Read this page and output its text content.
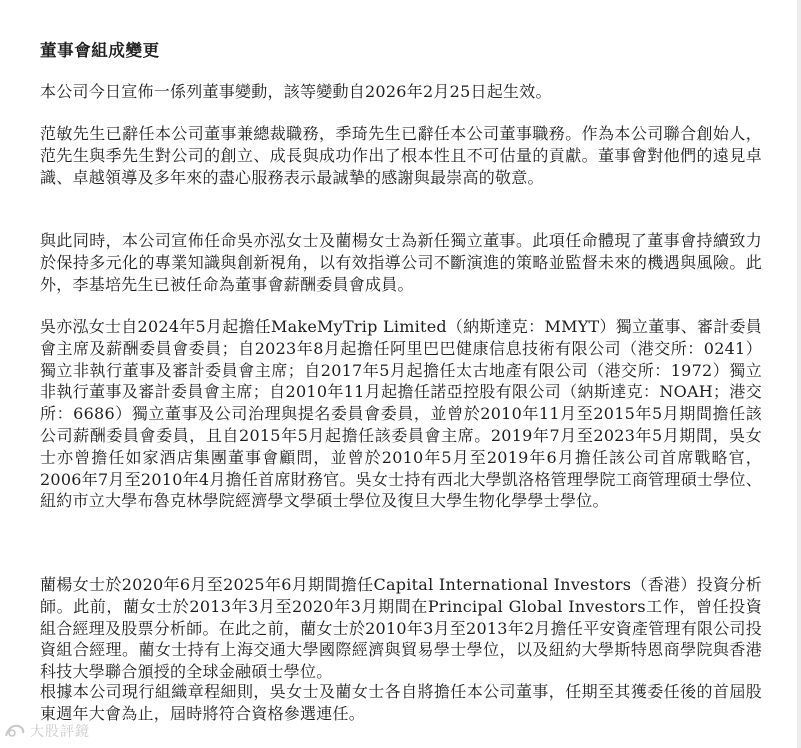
董事會組成變更

本公司今日宣佈一係列董事變動，該等變動自2026年2月25日起生效。

范敏先生已辭任本公司董事兼總裁職務，季琦先生已辭任本公司董事職務。作為本公司聯合創始人，范先生與季先生對公司的創立、成長與成功作出了根本性且不可估量的貢獻。董事會對他們的遠見卓識、卓越領導及多年來的盡心服務表示最誠摯的感謝與最崇高的敬意。

與此同時，本公司宣佈任命吳亦泓女士及藺楊女士為新任獨立董事。此項任命體現了董事會持續致力於保持多元化的專業知識與創新視角，以有效指導公司不斷演進的策略並監督未來的機遇與風險。此外，李基培先生已被任命為董事會薪酬委員會成員。

吳亦泓女士自2024年5月起擔任MakeMyTrip Limited（納斯達克：MMYT）獨立董事、審計委員會主席及薪酬委員會委員；自2023年8月起擔任阿里巴巴健康信息技術有限公司（港交所：0241）獨立非執行董事及審計委員會主席；自2017年5月起擔任太古地產有限公司（港交所：1972）獨立非執行董事及審計委員會主席；自2010年11月起擔任諾亞控股有限公司（納斯達克：NOAH；港交所：6686）獨立董事及公司治理與提名委員會委員，並曾於2010年11月至2015年5月期間擔任該公司薪酬委員會委員，且自2015年5月起擔任該委員會主席。2019年7月至2023年5月期間，吳女士亦曾擔任如家酒店集團董事會顧問，並曾於2010年5月至2019年6月擔任該公司首席戰略官，2006年7月至2010年4月擔任首席財務官。吳女士持有西北大學凱洛格管理學院工商管理碩士學位、紐約市立大學布魯克林學院經濟學文學碩士學位及復旦大學生物化學學士學位。

藺楊女士於2020年6月至2025年6月期間擔任Capital International Investors（香港）投資分析師。此前，藺女士於2013年3月至2020年3月期間在Principal Global Investors工作，曾任投資組合經理及股票分析師。在此之前，藺女士於2010年3月至2013年2月擔任平安資產管理有限公司投資組合經理。藺女士持有上海交通大學國際經濟與貿易學士學位，以及紐約大學斯特恩商學院與香港科技大學聯合頒授的全球金融碩士學位。

根據本公司現行組織章程細則，吳女士及藺女士各自將擔任本公司董事，任期至其獲委任後的首屆股東週年大會為止，屆時將符合資格參選連任。

大股評鏡
